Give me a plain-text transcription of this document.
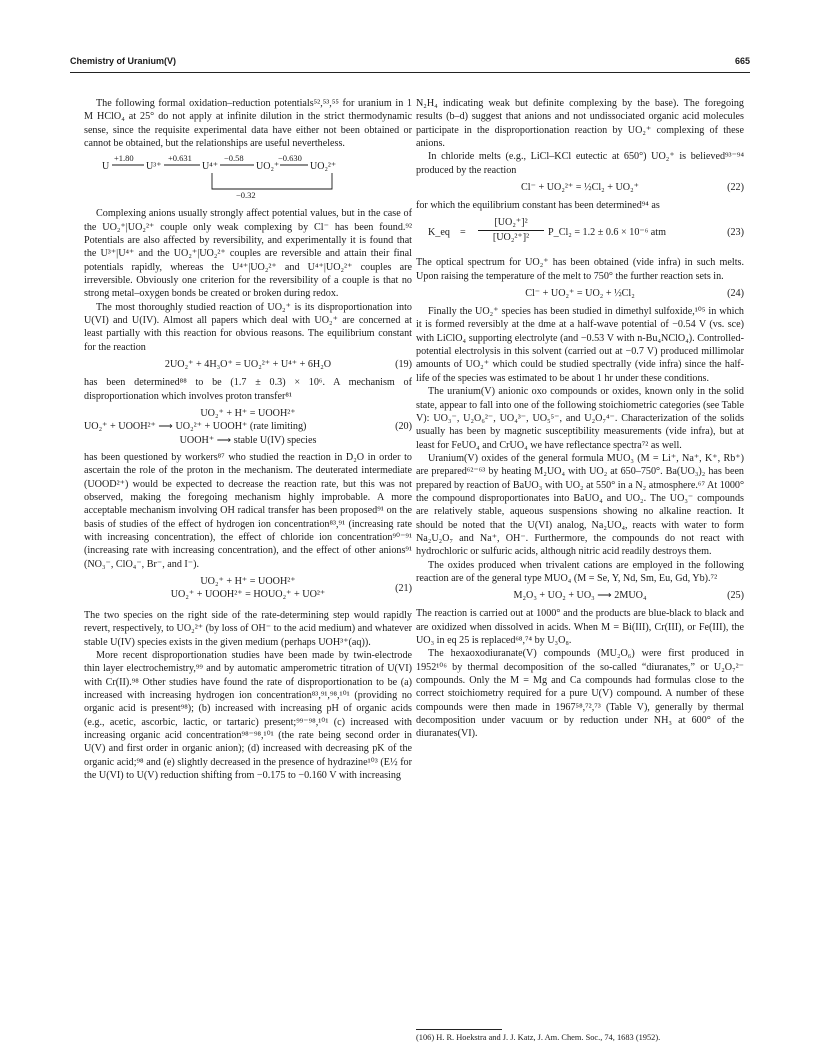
Chemistry of Uranium(V)	665

The following formal oxidation–reduction potentials⁵²,⁵³,⁵⁵ for uranium in 1 M HClO₄ at 25° do not apply at infinite dilution in the strict thermodynamic sense, since the requisite experimental data have either not been obtained or cannot be obtained, but the relationships are useful nevertheless.

U	U³⁺	U⁴⁺	UO₂⁺	UO₂²⁺
+1.80	+0.631	−0.58	−0.630
−0.32

Complexing anions usually strongly affect potential values, but in the case of the UO₂⁺|UO₂²⁺ couple only weak complexing by Cl⁻ has been found.⁹² Potentials are also affected by reversibility, and experimentally it is found that the U³⁺|U⁴⁺ and the UO₂⁺|UO₂²⁺ couples are reversible and attain their final potentials rapidly, whereas the U⁴⁺|UO₂²⁺ and U⁴⁺|UO₂²⁺ couples are irreversible. Obviously one criterion for the reversibility of a couple is that no strong metal–oxygen bonds be created or broken during redox.

The most thoroughly studied reaction of UO₂⁺ is its disproportionation into U(VI) and U(IV). Almost all papers which deal with UO₂⁺ are concerned at least partially with this reaction for obvious reasons. The equilibrium constant for the reaction

2UO₂⁺ + 4H₃O⁺ = UO₂²⁺ + U⁴⁺ + 6H₂O	(19)

has been determined⁸⁸ to be (1.7 ± 0.3) × 10⁶. A mechanism of disproportionation which involves proton transfer⁸¹

UO₂⁺ + H⁺ = UOOH²⁺
UO₂⁺ + UOOH²⁺ ⟶ UO₂²⁺ + UOOH⁺ (rate limiting)
UOOH⁺ ⟶ stable U(IV) species
(20)

has been questioned by workers⁸⁷ who studied the reaction in D₂O in order to ascertain the role of the proton in the mechanism. The deuterated intermediate (UOOD²⁺) would be expected to decrease the reaction rate, but this was not observed, making the foregoing mechanism highly improbable. A more acceptable mechanism involving OH radical transfer has been proposed⁹¹ on the basis of studies of the effect of hydrogen ion concentration⁸³,⁹¹ (increasing rate with increasing concentration), the effect of chloride ion concentration⁹⁰⁻⁹¹ (increasing rate with increasing concentration), and the effect of other anions⁹¹ (NO₃⁻, ClO₄⁻, Br⁻, and I⁻).

UO₂⁺ + H⁺ = UOOH²⁺
UO₂⁺ + UOOH²⁺ = HOUO₂⁺ + UO²⁺
(21)

The two species on the right side of the rate-determining step would rapidly revert, respectively, to UO₂²⁺ (by loss of OH⁻ to the acid medium) and whatever stable U(IV) species exists in the given medium (perhaps UOH³⁺(aq)).

More recent disproportionation studies have been made by twin-electrode thin layer electrochemistry,⁹⁹ and by automatic amperometric titration of U(VI) with Cr(II).⁹⁸ Other studies have found the rate of disproportionation to be (a) increased with increasing hydrogen ion concentration⁸³,⁹¹,⁹⁸,¹⁰¹ (providing no organic acid is present⁹⁸); (b) increased with increasing pH of organic acids (e.g., acetic, ascorbic, lactic, or tartaric) present;⁹⁹⁻⁹⁸,¹⁰¹ (c) increased with increasing organic acid concentration⁹⁸⁻⁹⁸,¹⁰¹ (the rate being second order in U(V) and first order in organic anion); (d) increased with decreasing pK of the organic acid;⁹⁸ and (e) slightly decreased in the presence of hydrazine¹⁰³ (E½ for the U(VI) to U(V) reduction shifting from −0.175 to −0.160 V with increasing

N₂H₄ indicating weak but definite complexing by the base). The foregoing results (b–d) suggest that anions and not undissociated organic acid molecules participate in the disproportionation reaction by UO₂⁺ complexing of these anions.

In chloride melts (e.g., LiCl–KCl eutectic at 650°) UO₂⁺ is believed⁹³⁻⁹⁴ produced by the reaction

Cl⁻ + UO₂²⁺ = ½Cl₂ + UO₂⁺	(22)

for which the equilibrium constant has been determined⁹⁴ as

K_eq = $\frac{\text{[UO₂⁺]²}}{\text{[UO₂²⁺]²}}$ P_Cl₂ = 1.2 ± 0.6 × 10⁻⁶ atm	(23)

The optical spectrum for UO₂⁺ has been obtained (vide infra) in such melts. Upon raising the temperature of the melt to 750° the further reaction sets in.

Cl⁻ + UO₂⁺ = UO₂ + ½Cl₂	(24)

Finally the UO₂⁺ species has been studied in dimethyl sulfoxide,¹⁰⁵ in which it is formed reversibly at the dme at a half-wave potential of −0.54 V (vs. sce) with LiClO₄ supporting electrolyte (and −0.53 V with n-Bu₄NClO₄). Controlled-potential electrolysis in this solvent (carried out at −0.7 V) produced millimolar amounts of UO₂⁺ which could be studied spectrally (vide infra) since the half-life of the species was estimated to be about 1 hr under these conditions.

The uranium(V) anionic oxo compounds or oxides, known only in the solid state, appear to fall into one of the following stoichiometric categories (see Table V): UO₃⁻, U₂O₆²⁻, UO₄³⁻, UO₅⁵⁻, and U₂O₇⁴⁻. Characterization of the solids usually has been by magnetic susceptibility measurements (vide infra), but at least for FeUO₄ and CrUO₄ we have reflectance spectra⁷² as well.

Uranium(V) oxides of the general formula MUO₃ (M = Li⁺, Na⁺, K⁺, Rb⁺) are prepared⁶²⁻⁶³ by heating M₂UO₄ with UO₂ at 650–750°. Ba(UO₃)₂ has been prepared by reaction of BaUO₃ with UO₂ at 550° in a N₂ atmosphere.⁶⁷ At 1000° the compound disproportionates into BaUO₄ and UO₂. The UO₃⁻ compounds are relatively stable, aqueous suspensions showing no alkaline reaction. It should be noted that the U(VI) analog, Na₂UO₄, reacts with water to form Na₂U₂O₇ and Na⁺, OH⁻. Furthermore, the compounds do not react with hydrochloric or sulfuric acids, although nitric acid readily destroys them.

The oxides produced when trivalent cations are employed in the following reaction are of the general type MUO₄ (M = Se, Y, Nd, Sm, Eu, Gd, Yb).⁷²

M₂O₃ + UO₂ + UO₃ ⟶ 2MUO₄	(25)

The reaction is carried out at 1000° and the products are blue-black to black and are oxidized when dissolved in acids. When M = Bi(III), Cr(III), or Fe(III), the UO₃ in eq 25 is replaced⁶⁸,⁷⁴ by U₃O₈.

The hexaoxodiuranate(V) compounds (MU₂O₆) were first produced in 1952¹⁰⁶ by thermal decomposition of the so-called “diuranates,” or U₂O₇²⁻ compounds. Only the M = Mg and Ca compounds had formulas close to the correct stoichiometry required for a pure U(V) compound. A number of these compounds were then made in 1967⁵⁸,⁷²,⁷³ (Table V), generally by thermal decomposition under vacuum or by reduction under NH₃ at 600° of the diuranates(VI).

(106) H. R. Hoekstra and J. J. Katz, J. Am. Chem. Soc., 74, 1683 (1952).
